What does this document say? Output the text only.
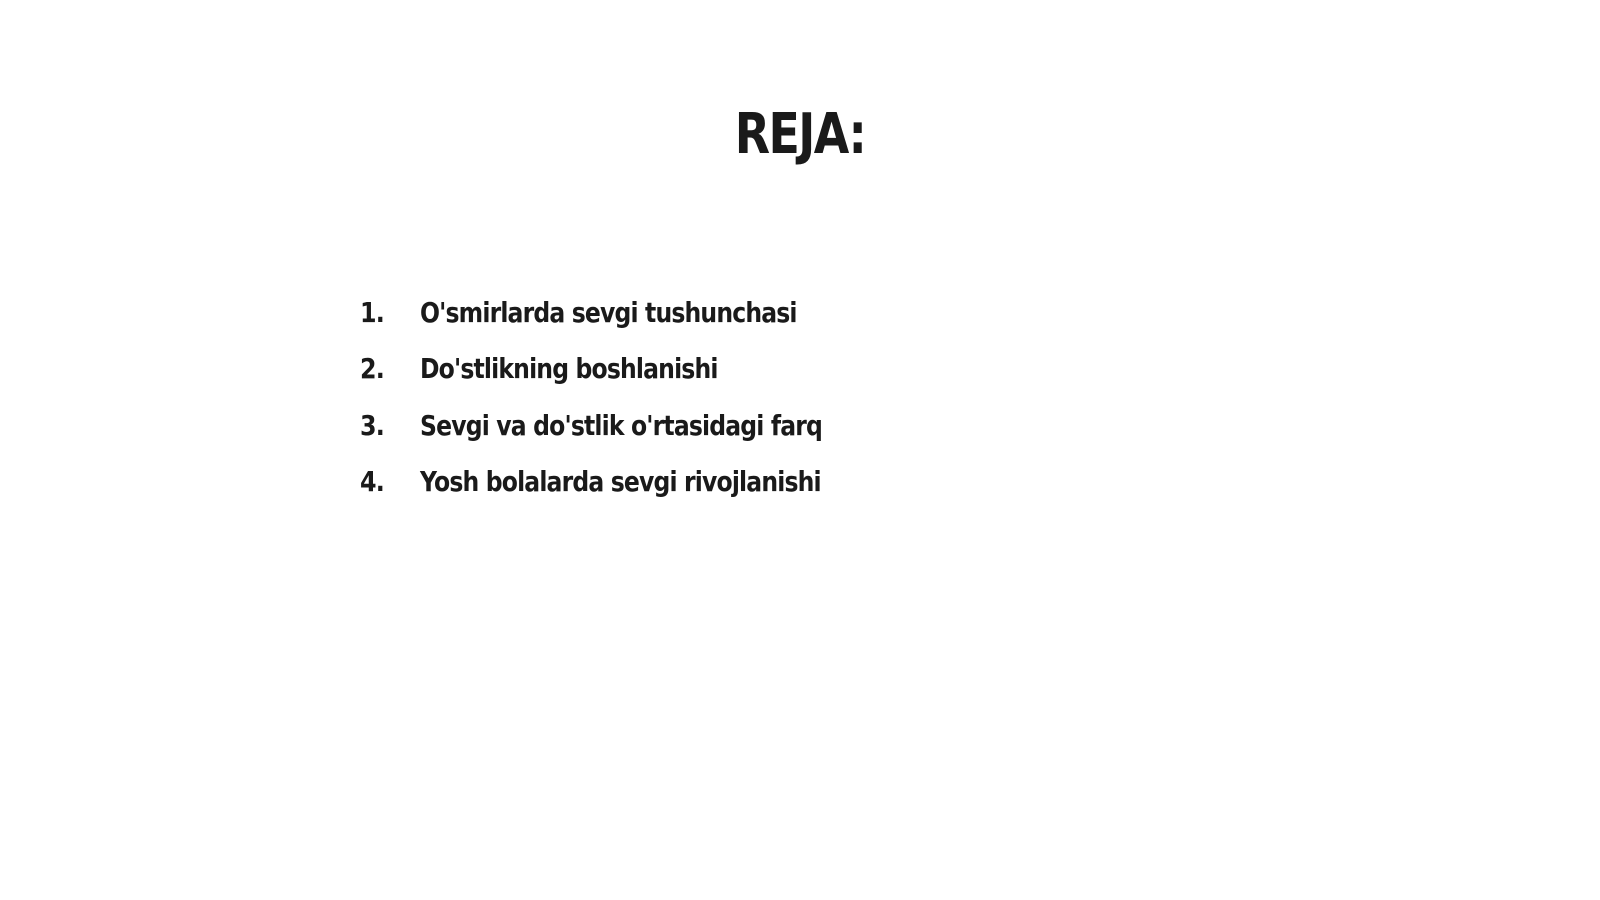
REJA:
1.	O'smirlarda sevgi tushunchasi
2.	Do'stlikning boshlanishi
3.	Sevgi va do'stlik o'rtasidagi farq
4.	Yosh bolalarda sevgi rivojlanishi
